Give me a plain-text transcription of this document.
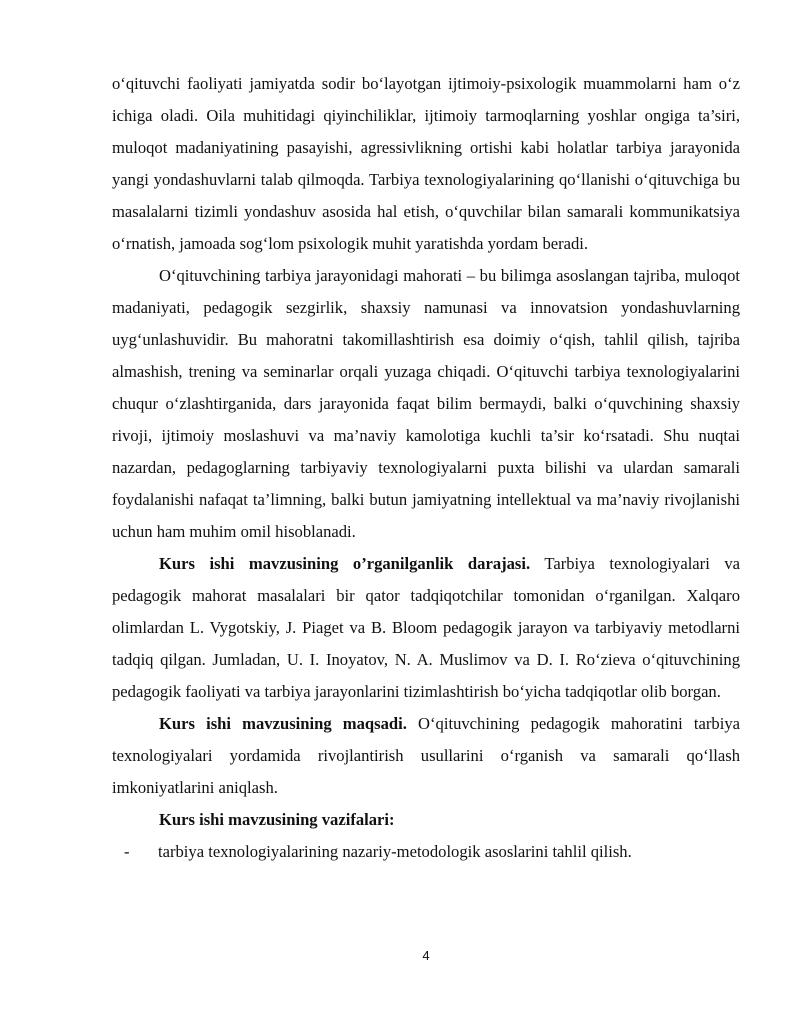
o‘qituvchi faoliyati jamiyatda sodir bo‘layotgan ijtimoiy-psixologik muammolarni ham o‘z ichiga oladi. Oila muhitidagi qiyinchiliklar, ijtimoiy tarmoqlarning yoshlar ongiga ta’siri, muloqot madaniyatining pasayishi, agressivlikning ortishi kabi holatlar tarbiya jarayonida yangi yondashuvlarni talab qilmoqda. Tarbiya texnologiyalarining qo‘llanishi o‘qituvchiga bu masalalarni tizimli yondashuv asosida hal etish, o‘quvchilar bilan samarali kommunikatsiya o‘rnatish, jamoada sog‘lom psixologik muhit yaratishda yordam beradi.

O‘qituvchining tarbiya jarayonidagi mahorati – bu bilimga asoslangan tajriba, muloqot madaniyati, pedagogik sezgirlik, shaxsiy namunasi va innovatsion yondashuvlarning uyg‘unlashuvidir. Bu mahoratni takomillashtirish esa doimiy o‘qish, tahlil qilish, tajriba almashish, trening va seminarlar orqali yuzaga chiqadi. O‘qituvchi tarbiya texnologiyalarini chuqur o‘zlashtirganida, dars jarayonida faqat bilim bermaydi, balki o‘quvchining shaxsiy rivoji, ijtimoiy moslashuvi va ma’naviy kamolotiga kuchli ta’sir ko‘rsatadi. Shu nuqtai nazardan, pedagoglarning tarbiyaviy texnologiyalarni puxta bilishi va ulardan samarali foydalanishi nafaqat ta’limning, balki butun jamiyatning intellektual va ma’naviy rivojlanishi uchun ham muhim omil hisoblanadi.

Kurs ishi mavzusining o’rganilganlik darajasi. Tarbiya texnologiyalari va pedagogik mahorat masalalari bir qator tadqiqotchilar tomonidan o‘rganilgan. Xalqaro olimlardan L. Vygotskiy, J. Piaget va B. Bloom pedagogik jarayon va tarbiyaviy metodlarni tadqiq qilgan. Jumladan, U. I. Inoyatov, N. A. Muslimov va D. I. Ro‘zieva o‘qituvchining pedagogik faoliyati va tarbiya jarayonlarini tizimlashtirish bo‘yicha tadqiqotlar olib borgan.

Kurs ishi mavzusining maqsadi. O‘qituvchining pedagogik mahoratini tarbiya texnologiyalari yordamida rivojlantirish usullarini o‘rganish va samarali qo‘llash imkoniyatlarini aniqlash.

Kurs ishi mavzusining vazifalari:

- tarbiya texnologiyalarining nazariy-metodologik asoslarini tahlil qilish.

4
